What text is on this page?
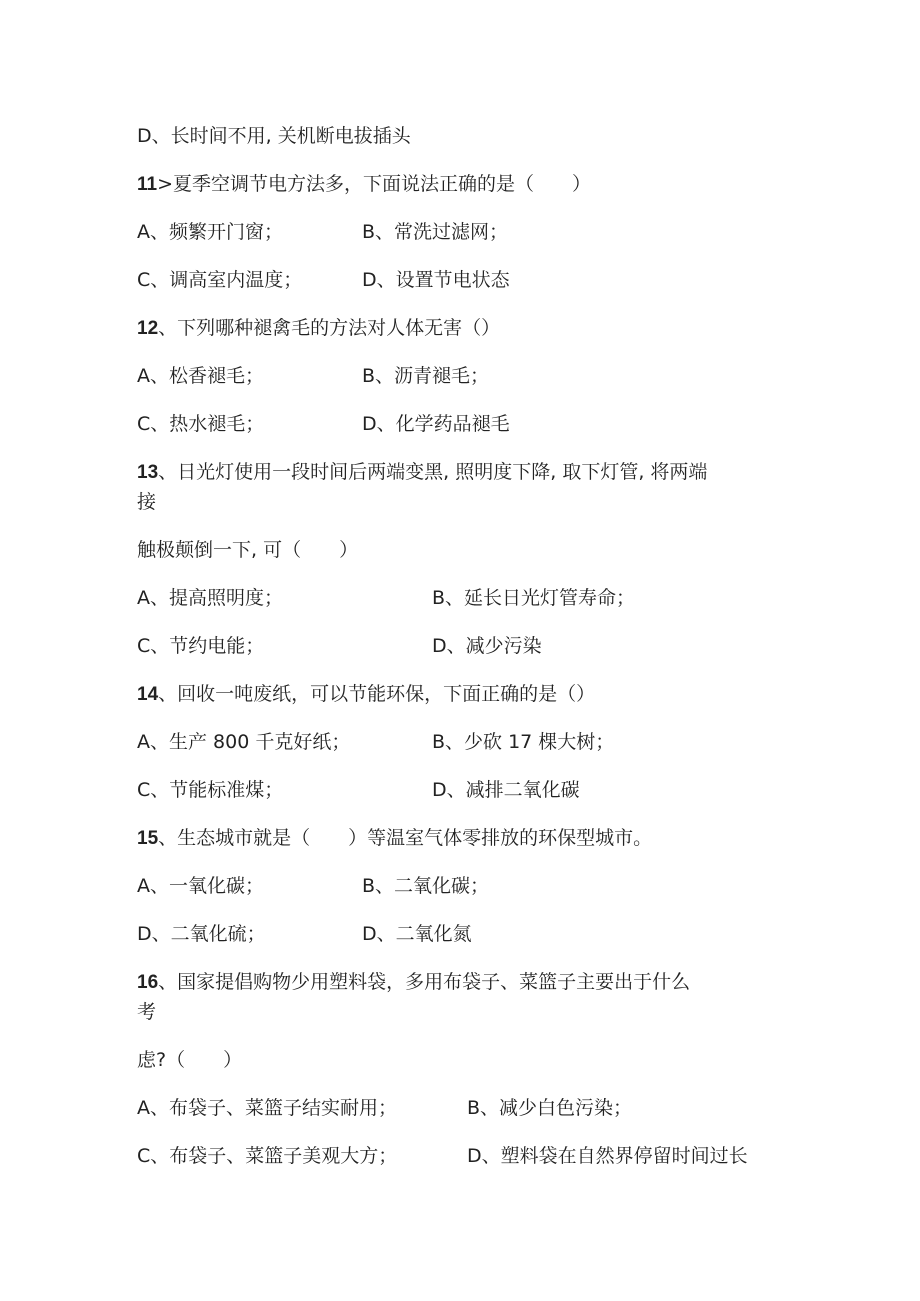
D、长时间不用, 关机断电拔插头
11>夏季空调节电方法多，下面说法正确的是（　　）
A、频繁开门窗；	B、常洗过滤网；
C、调高室内温度；	D、设置节电状态
12、下列哪种褪禽毛的方法对人体无害（）
A、松香褪毛；	B、沥青褪毛；
C、热水褪毛；	D、化学药品褪毛
13、日光灯使用一段时间后两端变黑, 照明度下降, 取下灯管, 将两端
接
触极颠倒一下, 可（　　）
A、提高照明度；	B、延长日光灯管寿命；
C、节约电能；	D、减少污染
14、回收一吨废纸，可以节能环保，下面正确的是（）
A、生产 800 千克好纸；	B、少砍 17 棵大树；
C、节能标准煤；	D、减排二氧化碳
15、生态城市就是（　　）等温室气体零排放的环保型城市。
A、一氧化碳；	B、二氧化碳；
D、二氧化硫；	D、二氧化氮
16、国家提倡购物少用塑料袋，多用布袋子、菜篮子主要出于什么
考
虑?（　　）
A、布袋子、菜篮子结实耐用；	B、减少白色污染；
C、布袋子、菜篮子美观大方；	D、塑料袋在自然界停留时间过长
